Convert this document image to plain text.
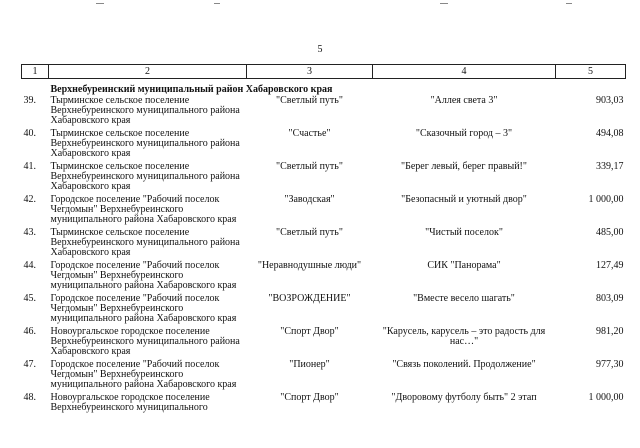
5
1	2	3	4	5
	Верхнебуреинский муниципальный район Хабаровского края			
39.	Тырминское сельское поселение Верхнебуреинского муниципального района Хабаровского края	"Светлый путь"	"Аллея света 3"	903,03
40.	Тырминское сельское поселение Верхнебуреинского муниципального района Хабаровского края	"Счастье"	"Сказочный город – 3"	494,08
41.	Тырминское сельское поселение Верхнебуреинского муниципального района Хабаровского края	"Светлый путь"	"Берег левый, берег правый!"	339,17
42.	Городское поселение "Рабочий поселок Чегдомын" Верхнебуреинского муниципального района Хабаровского края	"Заводская"	"Безопасный и уютный двор"	1 000,00
43.	Тырминское сельское поселение Верхнебуреинского муниципального района Хабаровского края	"Светлый путь"	"Чистый поселок"	485,00
44.	Городское поселение "Рабочий поселок Чегдомын" Верхнебуреинского муниципального района Хабаровского края	"Неравнодушные люди"	СИК "Панорама"	127,49
45.	Городское поселение "Рабочий поселок Чегдомын" Верхнебуреинского муниципального района Хабаровского края	"ВОЗРОЖДЕНИЕ"	"Вместе весело шагать"	803,09
46.	Новоургальское городское поселение Верхнебуреинского муниципального района Хабаровского края	"Спорт Двор"	"Карусель, карусель – это радость для нас…"	981,20
47.	Городское поселение "Рабочий поселок Чегдомын" Верхнебуреинского муниципального района Хабаровского края	"Пионер"	"Связь поколений. Продолжение"	977,30
48.	Новоургальское городское поселение Верхнебуреинского муниципального	"Спорт Двор"	"Дворовому футболу быть" 2 этап	1 000,00
